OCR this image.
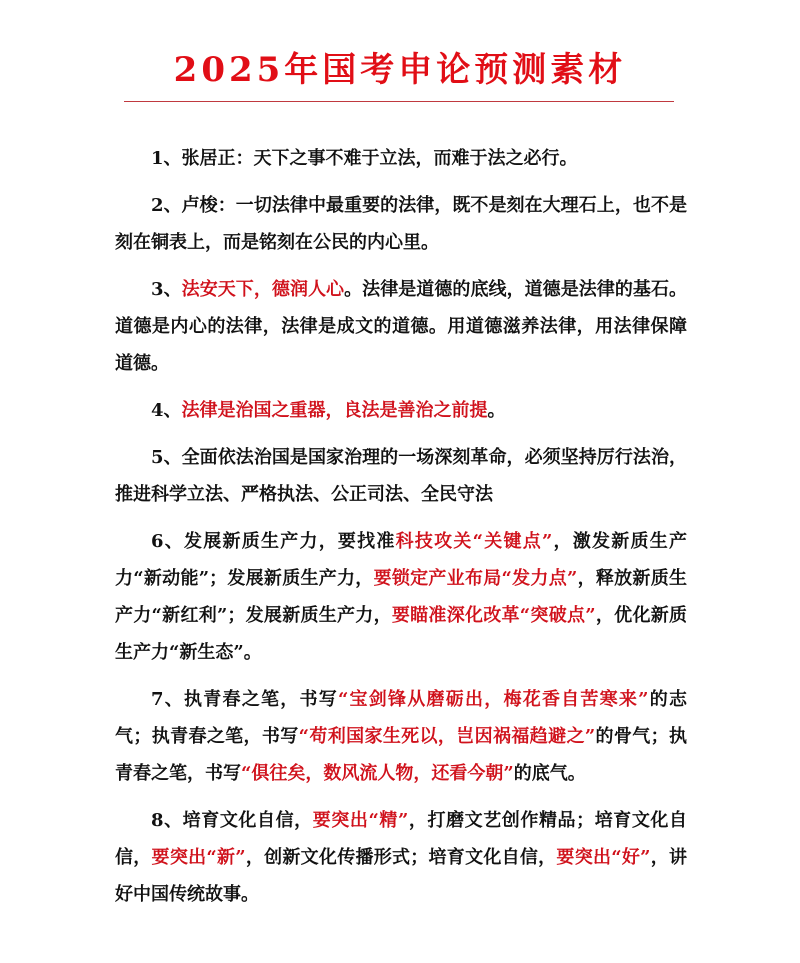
2025年国考申论预测素材

1、张居正：天下之事不难于立法，而难于法之必行。

2、卢梭：一切法律中最重要的法律，既不是刻在大理石上，也不是刻在铜表上，而是铭刻在公民的内心里。

3、法安天下，德润人心。法律是道德的底线，道德是法律的基石。道德是内心的法律，法律是成文的道德。用道德滋养法律，用法律保障道德。

4、法律是治国之重器，良法是善治之前提。

5、全面依法治国是国家治理的一场深刻革命，必须坚持厉行法治，推进科学立法、严格执法、公正司法、全民守法

6、发展新质生产力，要找准科技攻关“关键点”，激发新质生产力“新动能”；发展新质生产力，要锁定产业布局“发力点”，释放新质生产力“新红利”；发展新质生产力，要瞄准深化改革“突破点”，优化新质生产力“新生态”。

7、执青春之笔，书写“宝剑锋从磨砺出，梅花香自苦寒来”的志气；执青春之笔，书写“苟利国家生死以，岂因祸福趋避之”的骨气；执青春之笔，书写“俱往矣，数风流人物，还看今朝”的底气。

8、培育文化自信，要突出“精”，打磨文艺创作精品；培育文化自信，要突出“新”，创新文化传播形式；培育文化自信，要突出“好”，讲好中国传统故事。
